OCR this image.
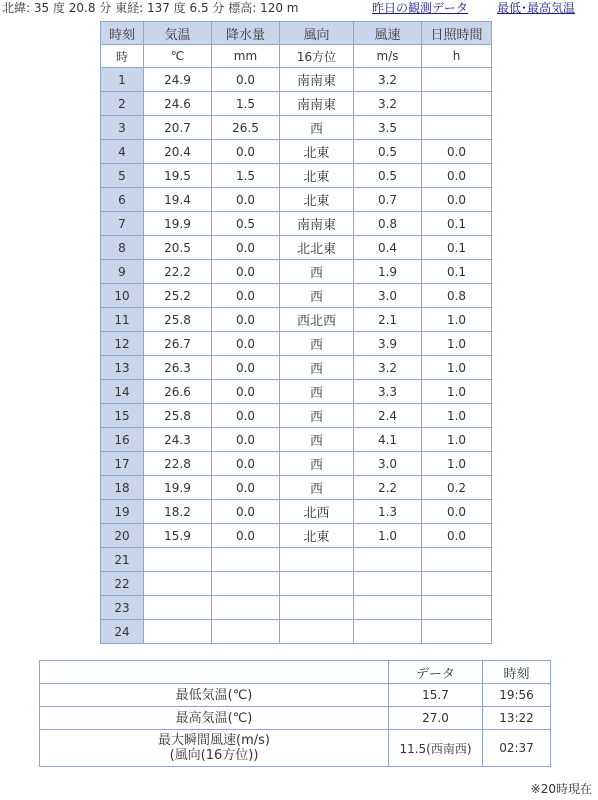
北緯: 35 度 20.8 分 東経: 137 度 6.5 分 標高: 120 m	昨日の観測データ 最低･最高気温
時刻	気温	降水量	風向	風速	日照時間
時	℃	mm	16方位	m/s	h
1	24.9	0.0	南南東	3.2	
2	24.6	1.5	南南東	3.2	
3	20.7	26.5	西	3.5	
4	20.4	0.0	北東	0.5	0.0
5	19.5	1.5	北東	0.5	0.0
6	19.4	0.0	北東	0.7	0.0
7	19.9	0.5	南南東	0.8	0.1
8	20.5	0.0	北北東	0.4	0.1
9	22.2	0.0	西	1.9	0.1
10	25.2	0.0	西	3.0	0.8
11	25.8	0.0	西北西	2.1	1.0
12	26.7	0.0	西	3.9	1.0
13	26.3	0.0	西	3.2	1.0
14	26.6	0.0	西	3.3	1.0
15	25.8	0.0	西	2.4	1.0
16	24.3	0.0	西	4.1	1.0
17	22.8	0.0	西	3.0	1.0
18	19.9	0.0	西	2.2	0.2
19	18.2	0.0	北西	1.3	0.0
20	15.9	0.0	北東	1.0	0.0
21					
22					
23					
24					
	データ	時刻

最低気温(℃)	15.7	19:56

最高気温(℃)	27.0	13:22

最大瞬間風速(m/s)
(風向(16方位))	11.5(西南西)	02:37
※20時現在
